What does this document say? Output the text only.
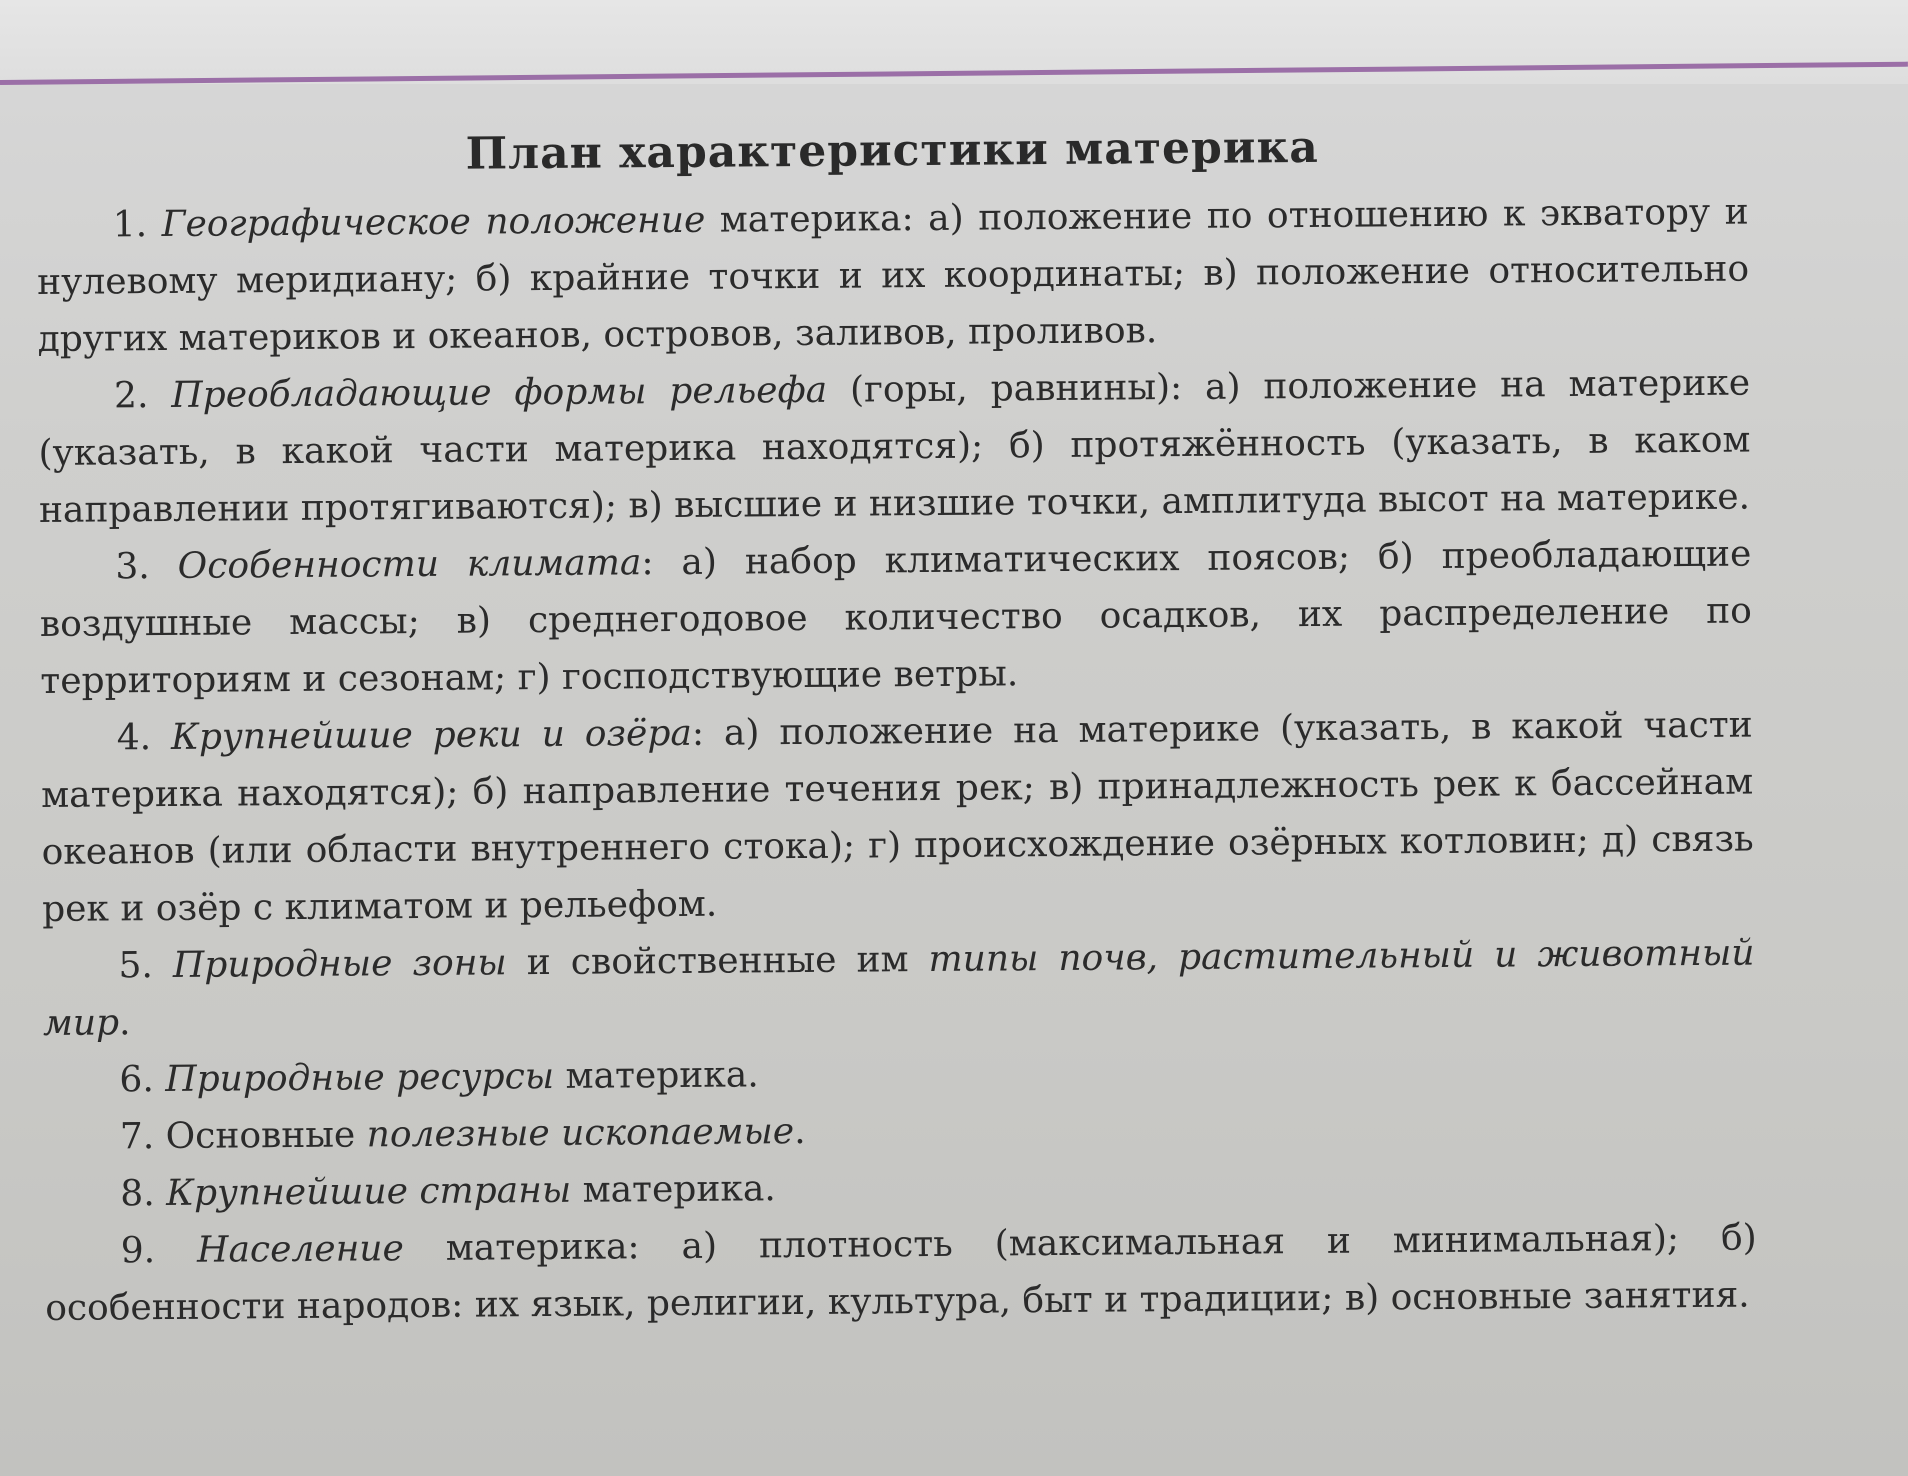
План характеристики материка

1. Географическое положение материка: а) положение по отношению к экватору и нулевому меридиану; б) крайние точки и их координаты; в) положение относительно других материков и океанов, островов, заливов, проливов.

2. Преобладающие формы рельефа (горы, равнины): а) положение на материке (указать, в какой части материка находятся); б) протяжённость (указать, в каком направлении протягиваются); в) высшие и низшие точки, амплитуда высот на материке.

3. Особенности климата: а) набор климатических поясов; б) преобладающие воздушные массы; в) среднегодовое количество осадков, их распределение по территориям и сезонам; г) господствующие ветры.

4. Крупнейшие реки и озёра: а) положение на материке (указать, в какой части материка находятся); б) направление течения рек; в) принадлежность рек к бассейнам океанов (или области внутреннего стока); г) происхождение озёрных котловин; д) связь рек и озёр с климатом и рельефом.

5. Природные зоны и свойственные им типы почв, растительный и животный мир.

6. Природные ресурсы материка.

7. Основные полезные ископаемые.

8. Крупнейшие страны материка.

9. Население материка: а) плотность (максимальная и минимальная); б) особенности народов: их язык, религии, культура, быт и традиции; в) основные занятия.
